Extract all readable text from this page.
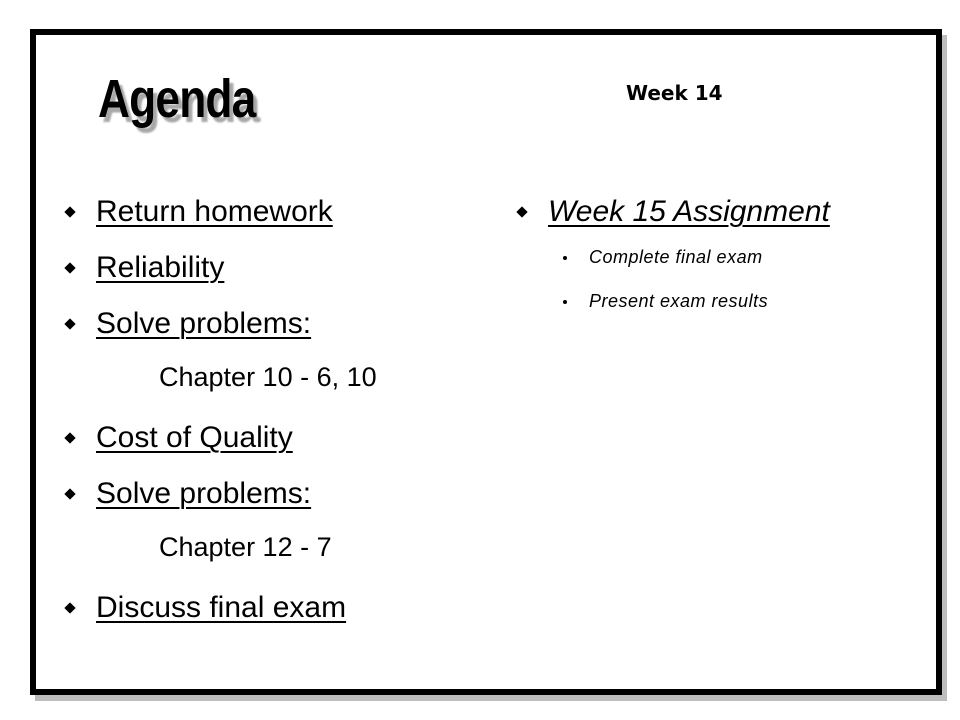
Agenda	Week 14
Return homework
Reliability
Solve problems:
Chapter 10 - 6, 10
Cost of Quality
Solve problems:
Chapter 12 - 7
Discuss final exam
Week 15 Assignment
Complete final exam
Present exam results
